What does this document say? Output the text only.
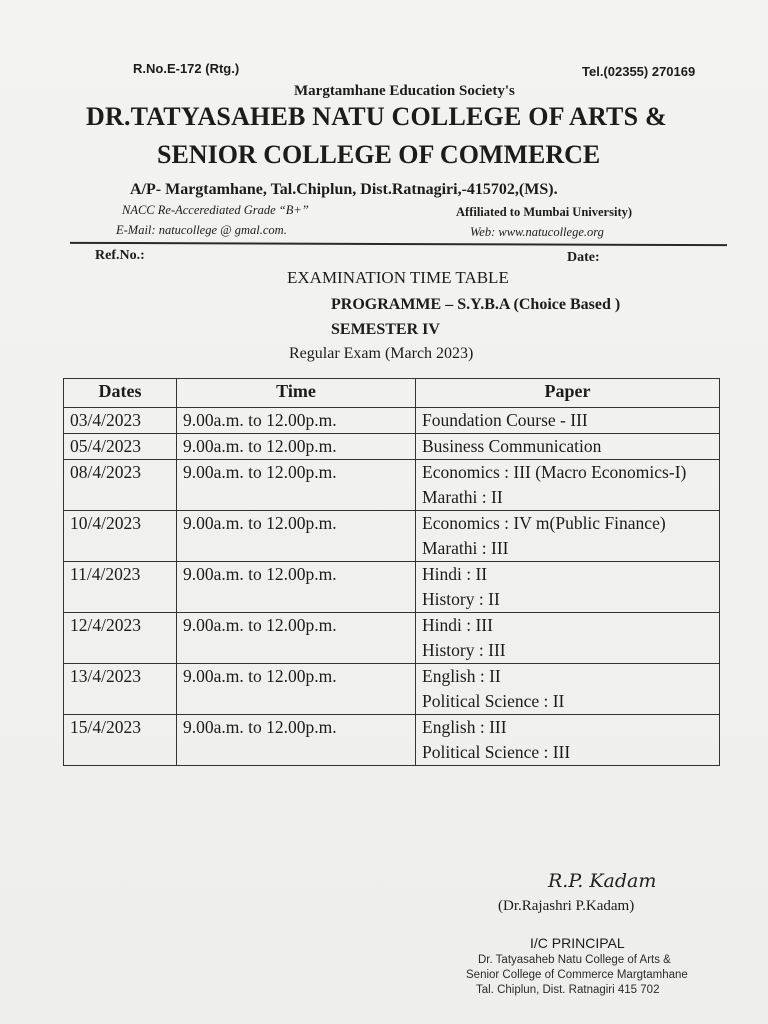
R.No.E-172 (Rtg.)	Tel.(02355) 270169
Margtamhane Education Society's
DR.TATYASAHEB NATU COLLEGE OF ARTS &
SENIOR COLLEGE OF COMMERCE
A/P- Margtamhane, Tal.Chiplun, Dist.Ratnagiri,-415702,(MS).
NACC Re-Accerediated Grade “B+”	Affiliated to Mumbai University)
E-Mail: natucollege @ gmal.com.	Web: www.natucollege.org
Ref.No.:	Date:
EXAMINATION TIME TABLE
PROGRAMME – S.Y.B.A (Choice Based )
SEMESTER IV
Regular Exam (March 2023)
Dates	Time	Paper
03/4/2023	9.00a.m. to 12.00p.m.	Foundation Course - III

05/4/2023	9.00a.m. to 12.00p.m.	Business Communication

08/4/2023	9.00a.m. to 12.00p.m.	Economics : III (Macro Economics-I)
Marathi : II

10/4/2023	9.00a.m. to 12.00p.m.	Economics : IV m(Public Finance)
Marathi : III

11/4/2023	9.00a.m. to 12.00p.m.	Hindi : II
History : II

12/4/2023	9.00a.m. to 12.00p.m.	Hindi : III
History : III

13/4/2023	9.00a.m. to 12.00p.m.	English : II
Political Science : II

15/4/2023	9.00a.m. to 12.00p.m.	English : III
Political Science : III
R.P. Kadam
(Dr.Rajashri P.Kadam)
I/C PRINCIPAL
Dr. Tatyasaheb Natu College of Arts &
Senior College of Commerce Margtamhane
Tal. Chiplun, Dist. Ratnagiri 415 702
